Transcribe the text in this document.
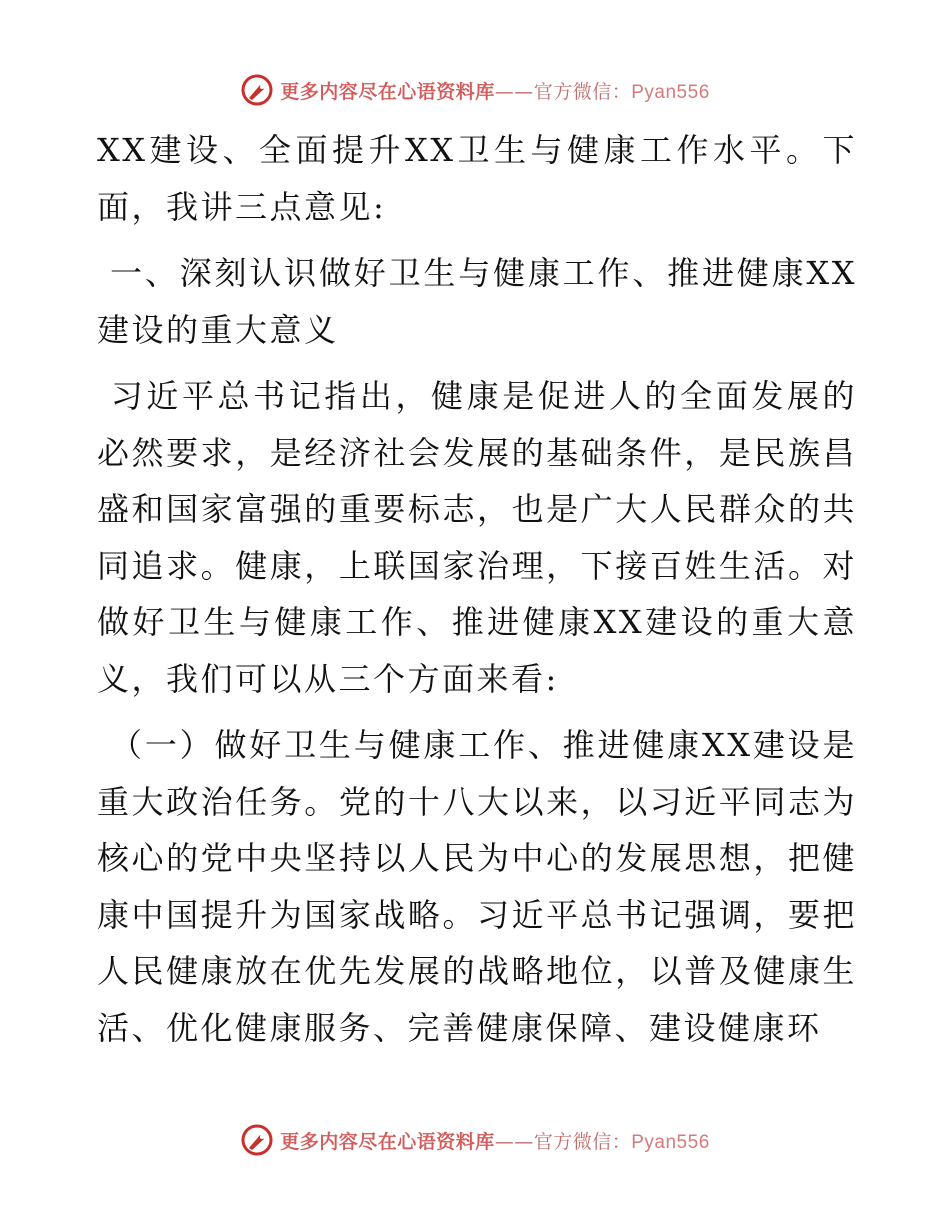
更多内容尽在心语资料库——官方微信：Pyan556

XX建设、全面提升XX卫生与健康工作水平。下面，我讲三点意见:

一、深刻认识做好卫生与健康工作、推进健康XX建设的重大意义

习近平总书记指出，健康是促进人的全面发展的必然要求，是经济社会发展的基础条件，是民族昌盛和国家富强的重要标志，也是广大人民群众的共同追求。健康，上联国家治理，下接百姓生活。对做好卫生与健康工作、推进健康XX建设的重大意义，我们可以从三个方面来看:

（一）做好卫生与健康工作、推进健康XX建设是重大政治任务。党的十八大以来，以习近平同志为核心的党中央坚持以人民为中心的发展思想，把健康中国提升为国家战略。习近平总书记强调，要把人民健康放在优先发展的战略地位，以普及健康生活、优化健康服务、完善健康保障、建设健康环

更多内容尽在心语资料库——官方微信：Pyan556
